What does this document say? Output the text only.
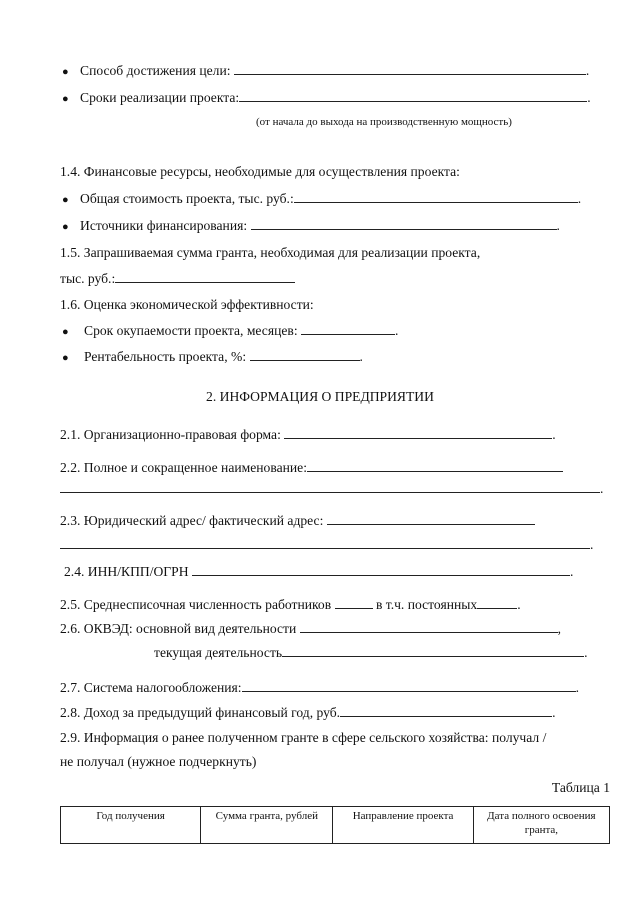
● Способ достижения цели:	.
● Сроки реализации проекта:	.
(от начала до выхода на производственную мощность)
1.4. Финансовые ресурсы, необходимые для осуществления проекта:
● Общая стоимость проекта, тыс. руб.:	.
● Источники финансирования:	.
1.5. Запрашиваемая сумма гранта, необходимая для реализации проекта,
тыс. руб.:
1.6. Оценка экономической эффективности:
● Срок окупаемости проекта, месяцев:	.
● Рентабельность проекта, %:	.
2. ИНФОРМАЦИЯ О ПРЕДПРИЯТИИ
2.1. Организационно-правовая форма:	.
2.2. Полное и сокращенное наименование:
.
2.3. Юридический адрес/ фактический адрес:
.
2.4. ИНН/КПП/ОГРН	.
2.5. Среднесписочная численность работников	в т.ч. постоянных	.
2.6. ОКВЭД: основной вид деятельности	,
текущая деятельность	.
2.7. Система налогообложения:	.
2.8. Доход за предыдущий финансовый год, руб.	.
2.9. Информация о ранее полученном гранте в сфере сельского хозяйства: получал /
не получал (нужное подчеркнуть)
Таблица 1
Год получения	Сумма гранта, рублей	Направление проекта	Дата полного освоения гранта,
